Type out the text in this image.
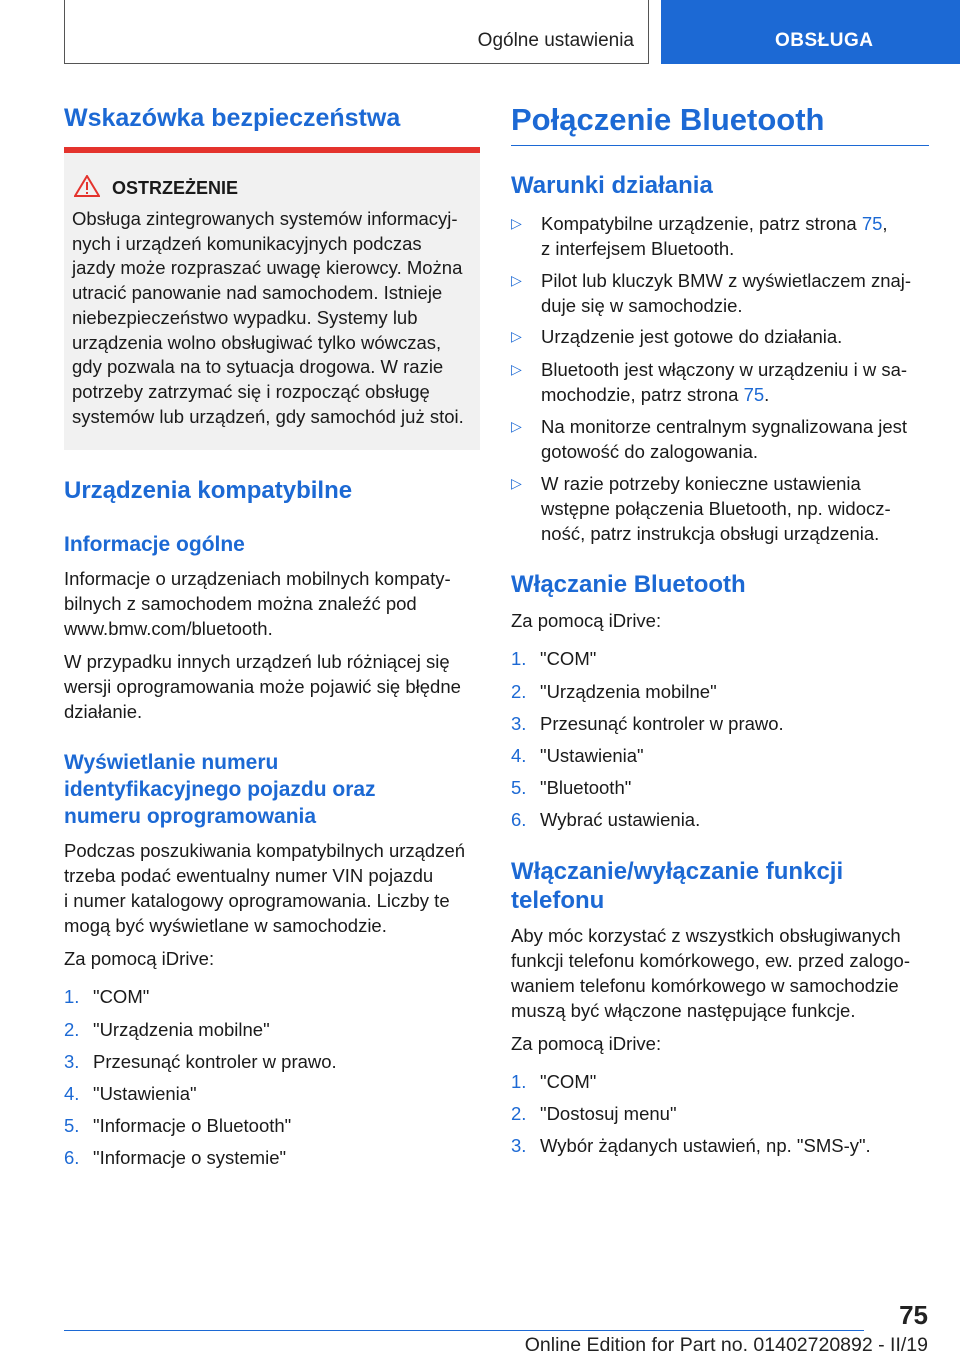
Ogólne ustawienia	OBSŁUGA
Wskazówka bezpieczeństwa
OSTRZEŻENIE
Obsługa zintegrowanych systemów informacyj-
nych i urządzeń komunikacyjnych podczas
jazdy może rozpraszać uwagę kierowcy. Można
utracić panowanie nad samochodem. Istnieje
niebezpieczeństwo wypadku. Systemy lub
urządzenia wolno obsługiwać tylko wówczas,
gdy pozwala na to sytuacja drogowa. W razie
potrzeby zatrzymać się i rozpocząć obsługę
systemów lub urządzeń, gdy samochód już stoi.
Urządzenia kompatybilne
Informacje ogólne
Informacje o urządzeniach mobilnych kompaty-
bilnych z samochodem można znaleźć pod
www.bmw.com/bluetooth.
W przypadku innych urządzeń lub różniącej się
wersji oprogramowania może pojawić się błędne
działanie.
Wyświetlanie numeru
identyfikacyjnego pojazdu oraz
numeru oprogramowania
Podczas poszukiwania kompatybilnych urządzeń
trzeba podać ewentualny numer VIN pojazdu
i numer katalogowy oprogramowania. Liczby te
mogą być wyświetlane w samochodzie.
Za pomocą iDrive:
1. "COM"
2. "Urządzenia mobilne"
3. Przesunąć kontroler w prawo.
4. "Ustawienia"
5. "Informacje o Bluetooth"
6. "Informacje o systemie"
Połączenie Bluetooth
Warunki działania
▷ Kompatybilne urządzenie, patrz strona 75,
z interfejsem Bluetooth.
▷ Pilot lub kluczyk BMW z wyświetlaczem znaj-
duje się w samochodzie.
▷ Urządzenie jest gotowe do działania.
▷ Bluetooth jest włączony w urządzeniu i w sa-
mochodzie, patrz strona 75.
▷ Na monitorze centralnym sygnalizowana jest
gotowość do zalogowania.
▷ W razie potrzeby konieczne ustawienia
wstępne połączenia Bluetooth, np. widocz-
ność, patrz instrukcja obsługi urządzenia.
Włączanie Bluetooth
Za pomocą iDrive:
1. "COM"
2. "Urządzenia mobilne"
3. Przesunąć kontroler w prawo.
4. "Ustawienia"
5. "Bluetooth"
6. Wybrać ustawienia.
Włączanie/wyłączanie funkcji
telefonu
Aby móc korzystać z wszystkich obsługiwanych
funkcji telefonu komórkowego, ew. przed zalogo-
waniem telefonu komórkowego w samochodzie
muszą być włączone następujące funkcje.
Za pomocą iDrive:
1. "COM"
2. "Dostosuj menu"
3. Wybór żądanych ustawień, np. "SMS-y".
75
Online Edition for Part no. 01402720892 - II/19
